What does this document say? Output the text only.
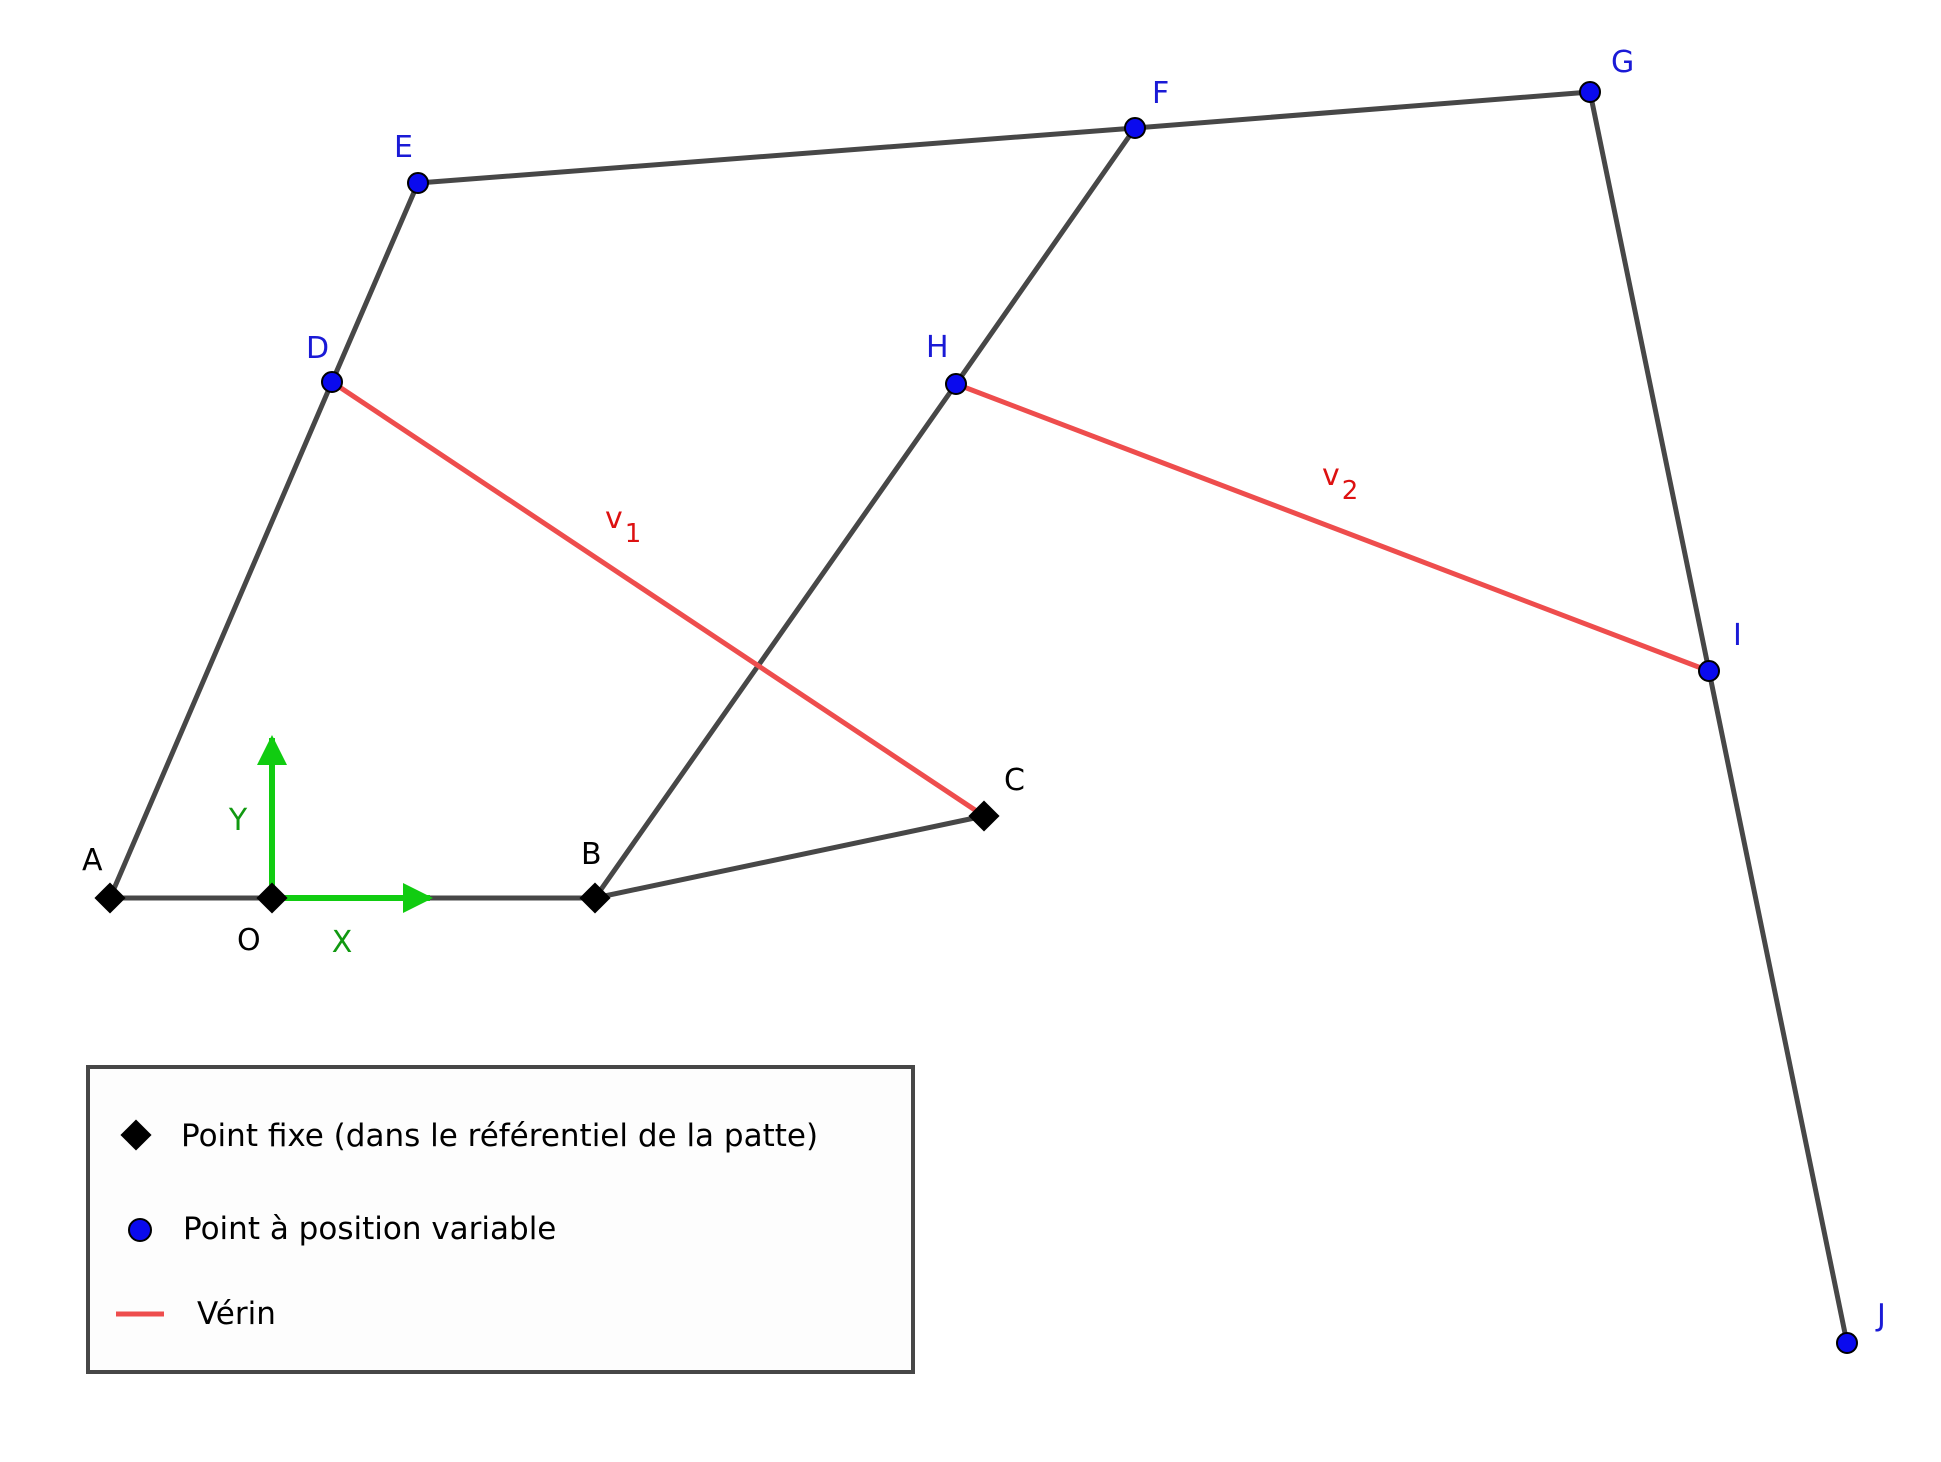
X
Y
A
O
B
C
D
E
F
G
H
I
J
v1
v2
Point fixe (dans le référentiel de la patte)
Point à position variable
Vérin
